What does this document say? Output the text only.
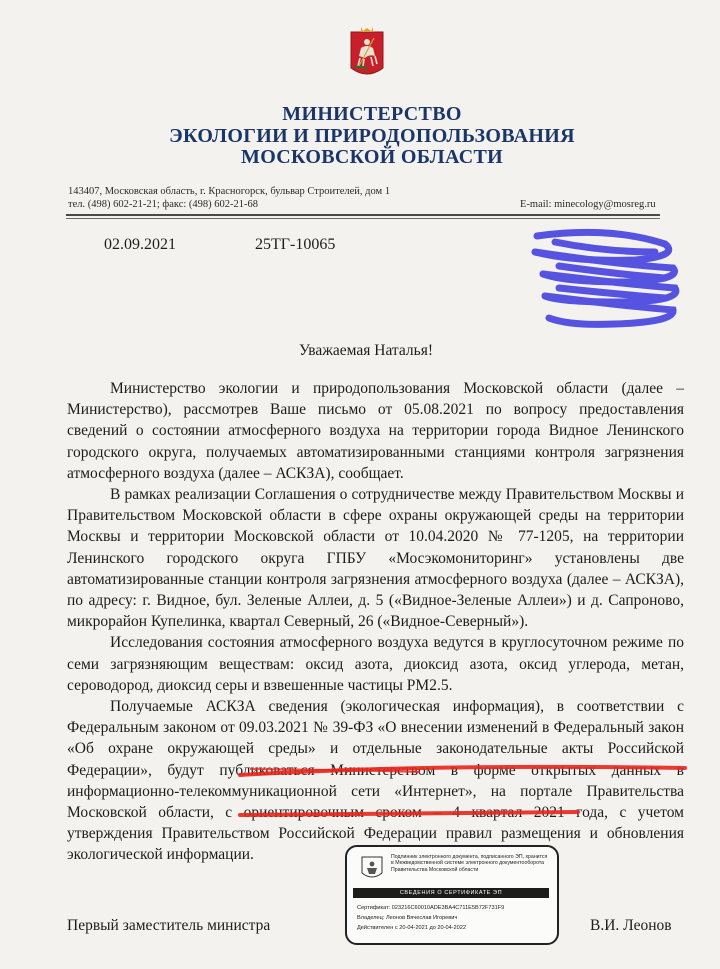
МИНИСТЕРСТВО
ЭКОЛОГИИ И ПРИРОДОПОЛЬЗОВАНИЯ
МОСКОВСКОЙ ОБЛАСТИ
143407, Московская область, г. Красногорск, бульвар Строителей, дом 1
тел. (498) 602-21-21; факс: (498) 602-21-68	E-mail: minecology@mosreg.ru
02.09.2021	25ТГ-10065
Уважаемая Наталья!

Министерство экологии и природопользования Московской области (далее – Министерство), рассмотрев Ваше письмо от 05.08.2021 по вопросу предоставления сведений о состоянии атмосферного воздуха на территории города Видное Ленинского городского округа, получаемых автоматизированными станциями контроля загрязнения атмосферного воздуха (далее – АСКЗА), сообщает.

В рамках реализации Соглашения о сотрудничестве между Правительством Москвы и Правительством Московской области в сфере охраны окружающей среды на территории Москвы и территории Московской области от 10.04.2020 № 77-1205, на территории Ленинского городского округа ГПБУ «Мосэкомониторинг» установлены две автоматизированные станции контроля загрязнения атмосферного воздуха (далее – АСКЗА), по адресу: г. Видное, бул. Зеленые Аллеи, д. 5 («Видное-Зеленые Аллеи») и д. Сапроново, микрорайон Купелинка, квартал Северный, 26 («Видное-Северный»).

Исследования состояния атмосферного воздуха ведутся в круглосуточном режиме по семи загрязняющим веществам: оксид азота, диоксид азота, оксид углерода, метан, сероводород, диоксид серы и взвешенные частицы РМ2.5.

Получаемые АСКЗА сведения (экологическая информация), в соответствии с Федеральным законом от 09.03.2021 № 39-ФЗ «О внесении изменений в Федеральный закон «Об охране окружающей среды» и отдельные законодательные акты Российской Федерации», будут публиковаться Министерством в форме открытых данных в информационно-телекоммуникационной сети «Интернет», на портале Правительства Московской области, с ориентировочным сроком – 4 квартал 2021 года, с учетом утверждения Правительством Российской Федерации правил размещения и обновления экологической информации.	Подлинник электронного документа, подписанного ЭП, хранится в Межведомственной системе электронного документооборота Правительства Московской области
СВЕДЕНИЯ О СЕРТИФИКАТЕ ЭП
Сертификат: 023216C60010ADE3BA4C711E5B72F731F9
Владелец: Леонов Вячеслав Игоревич
Действителен с 20-04-2021 до 20-04-2022
Первый заместитель министра	В.И. Леонов
